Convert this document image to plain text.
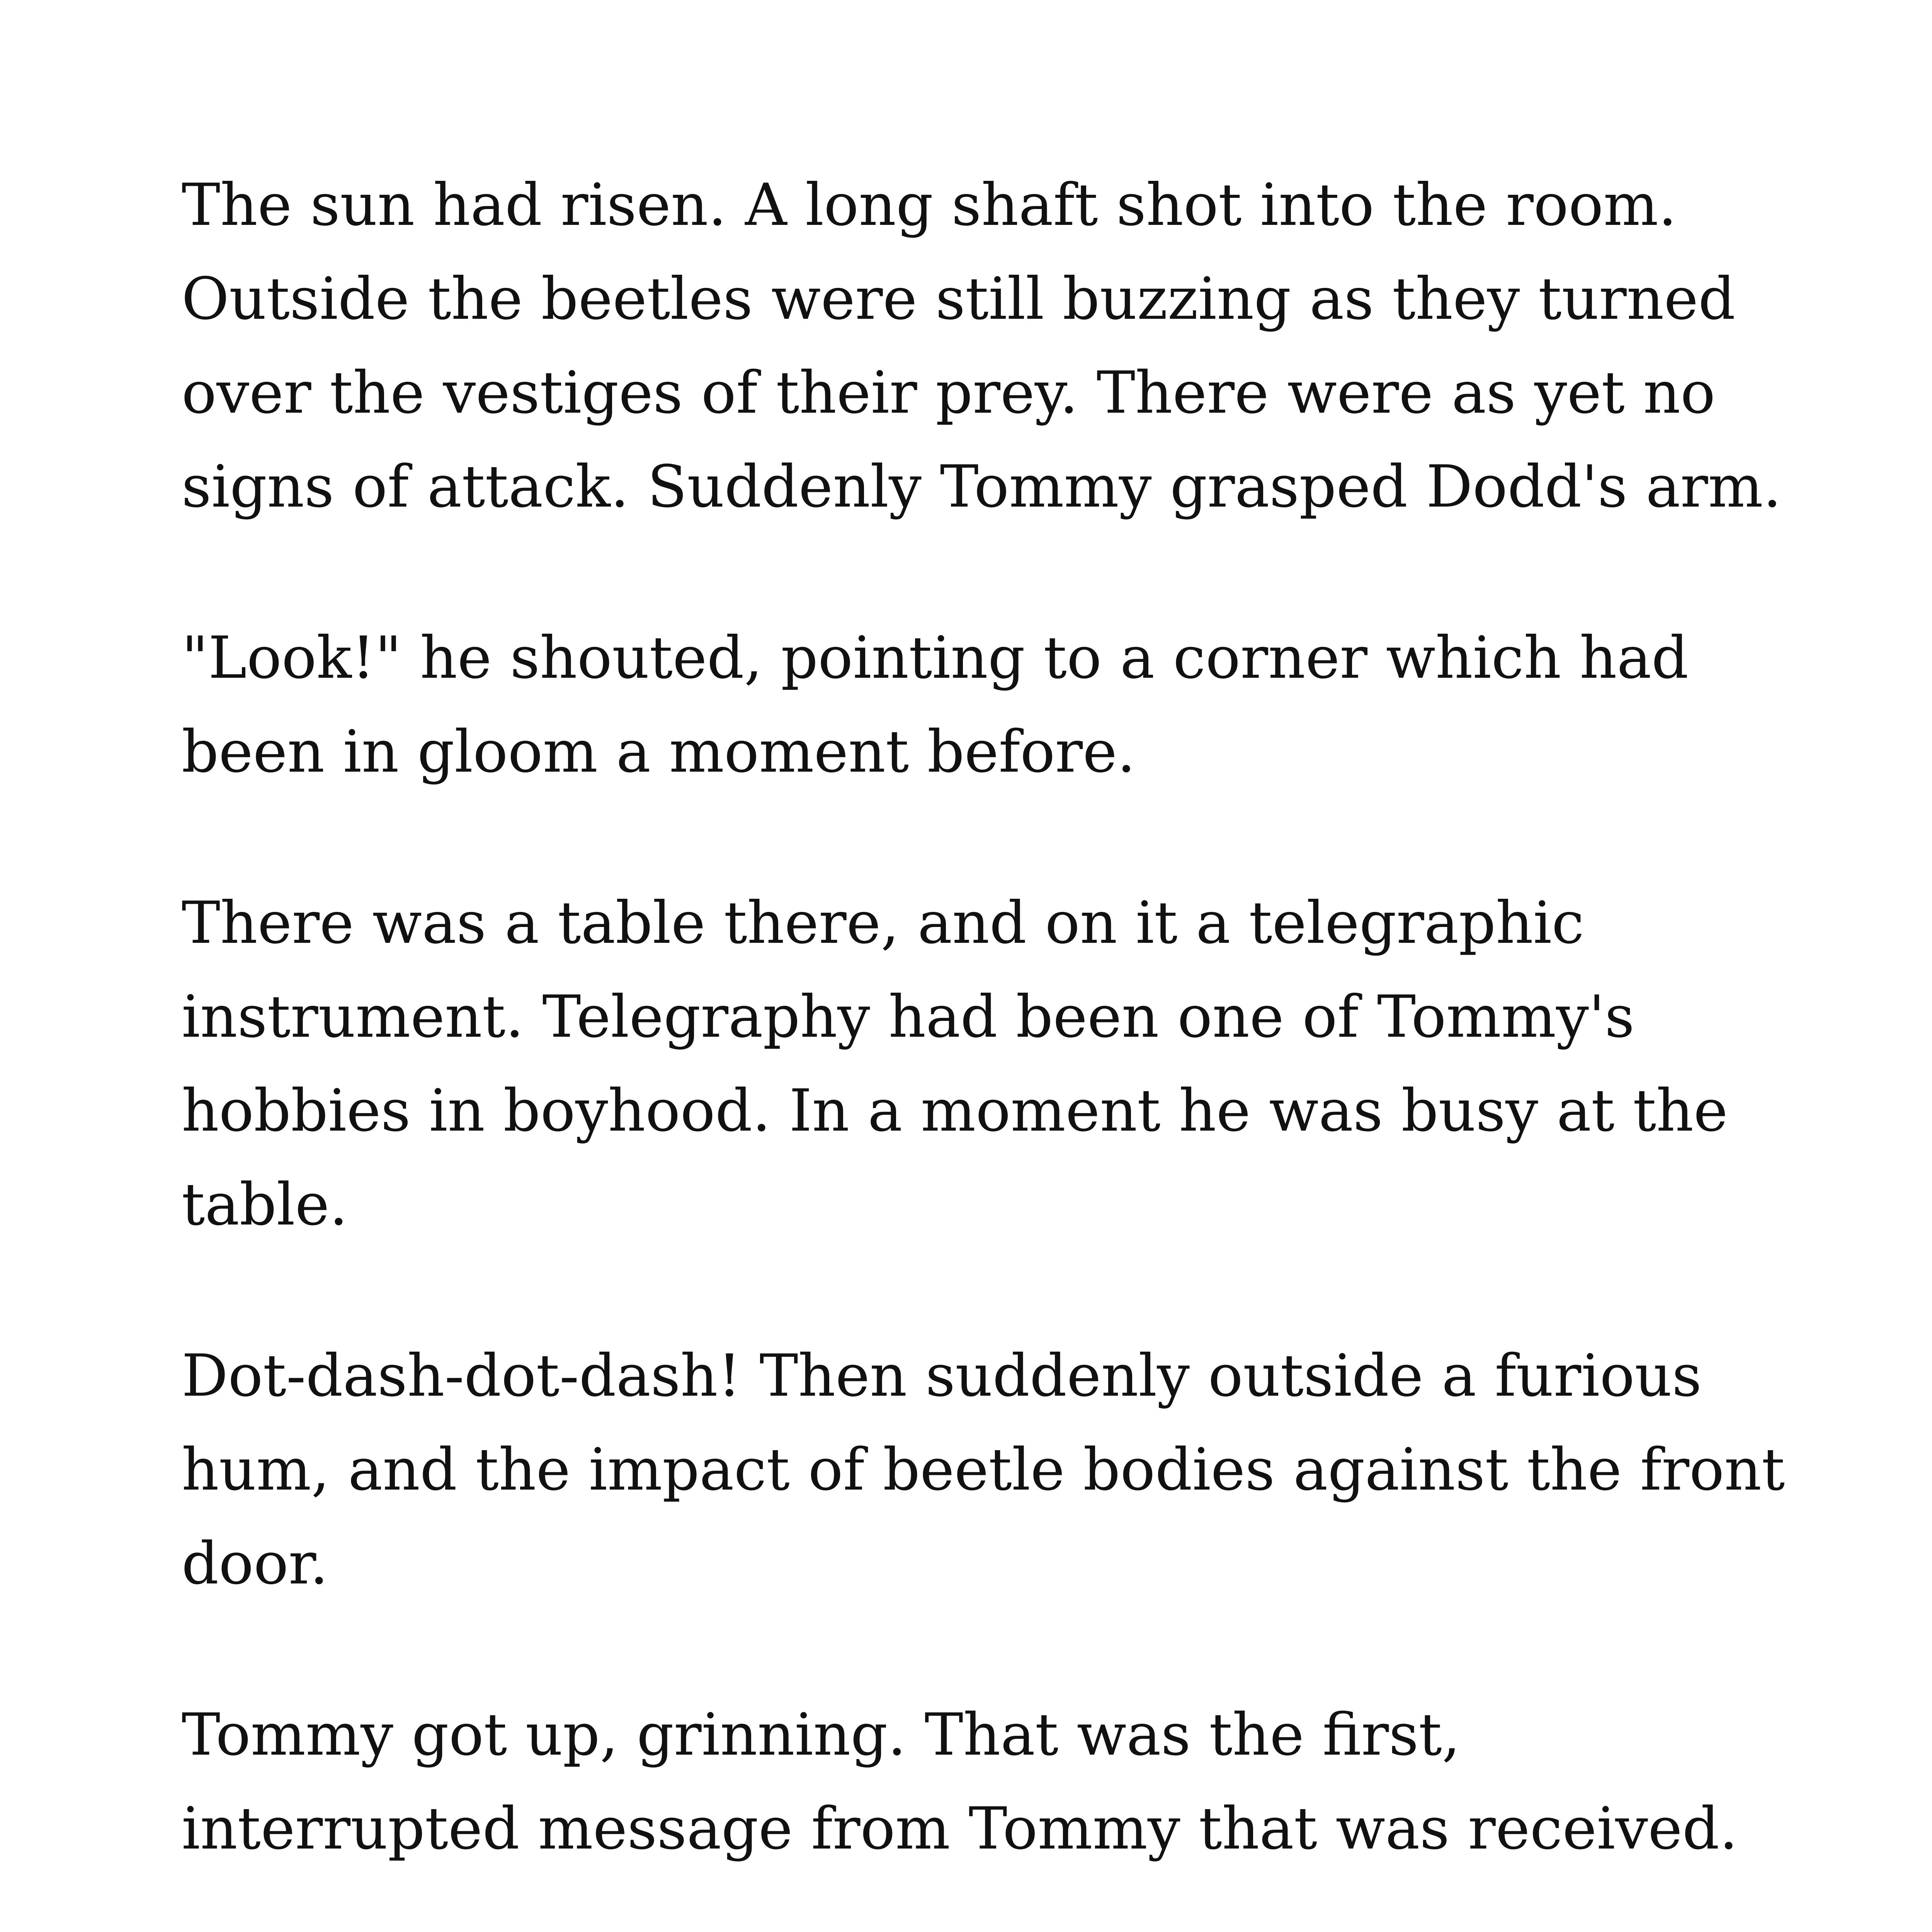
The sun had risen. A long shaft shot into the room.
Outside the beetles were still buzzing as they turned
over the vestiges of their prey. There were as yet no
signs of attack. Suddenly Tommy grasped Dodd's arm.

"Look!" he shouted, pointing to a corner which had
been in gloom a moment before.

There was a table there, and on it a telegraphic
instrument. Telegraphy had been one of Tommy's
hobbies in boyhood. In a moment he was busy at the
table.

Dot-dash-dot-dash! Then suddenly outside a furious
hum, and the impact of beetle bodies against the front
door.

Tommy got up, grinning. That was the first,
interrupted message from Tommy that was received.
